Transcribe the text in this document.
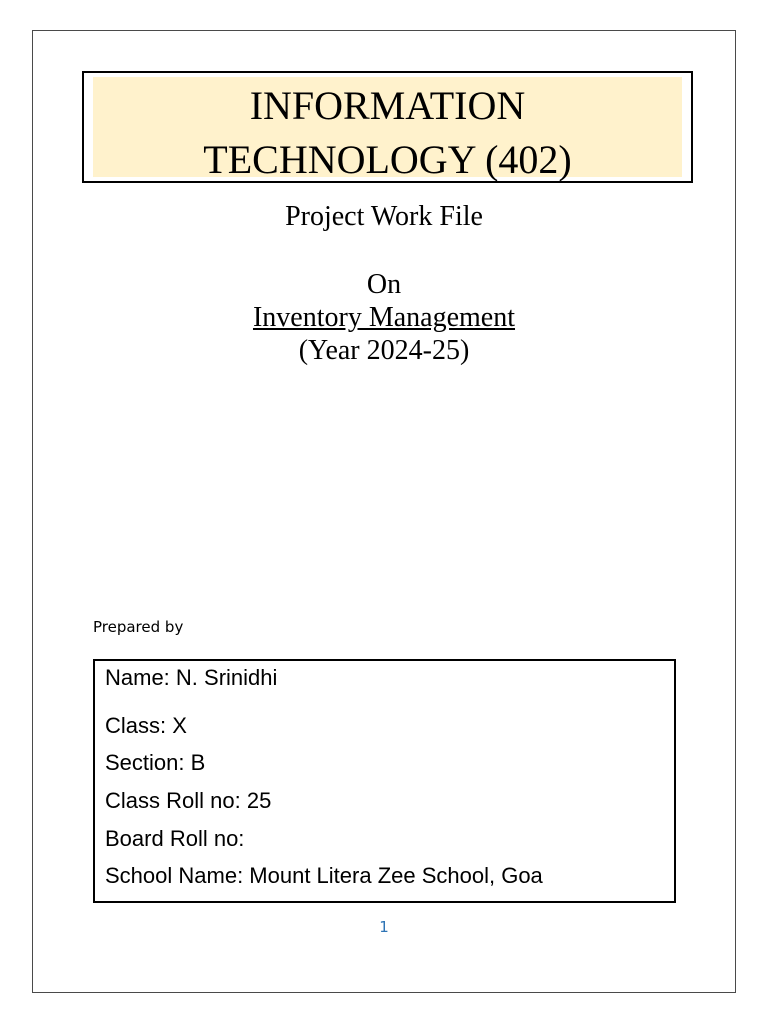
INFORMATION
TECHNOLOGY (402)

Project Work File

On

Inventory Management

(Year 2024-25)

Prepared by
Name: N. Srinidhi
Class: X
Section: B
Class Roll no: 25
Board Roll no:
School Name: Mount Litera Zee School, Goa
1
